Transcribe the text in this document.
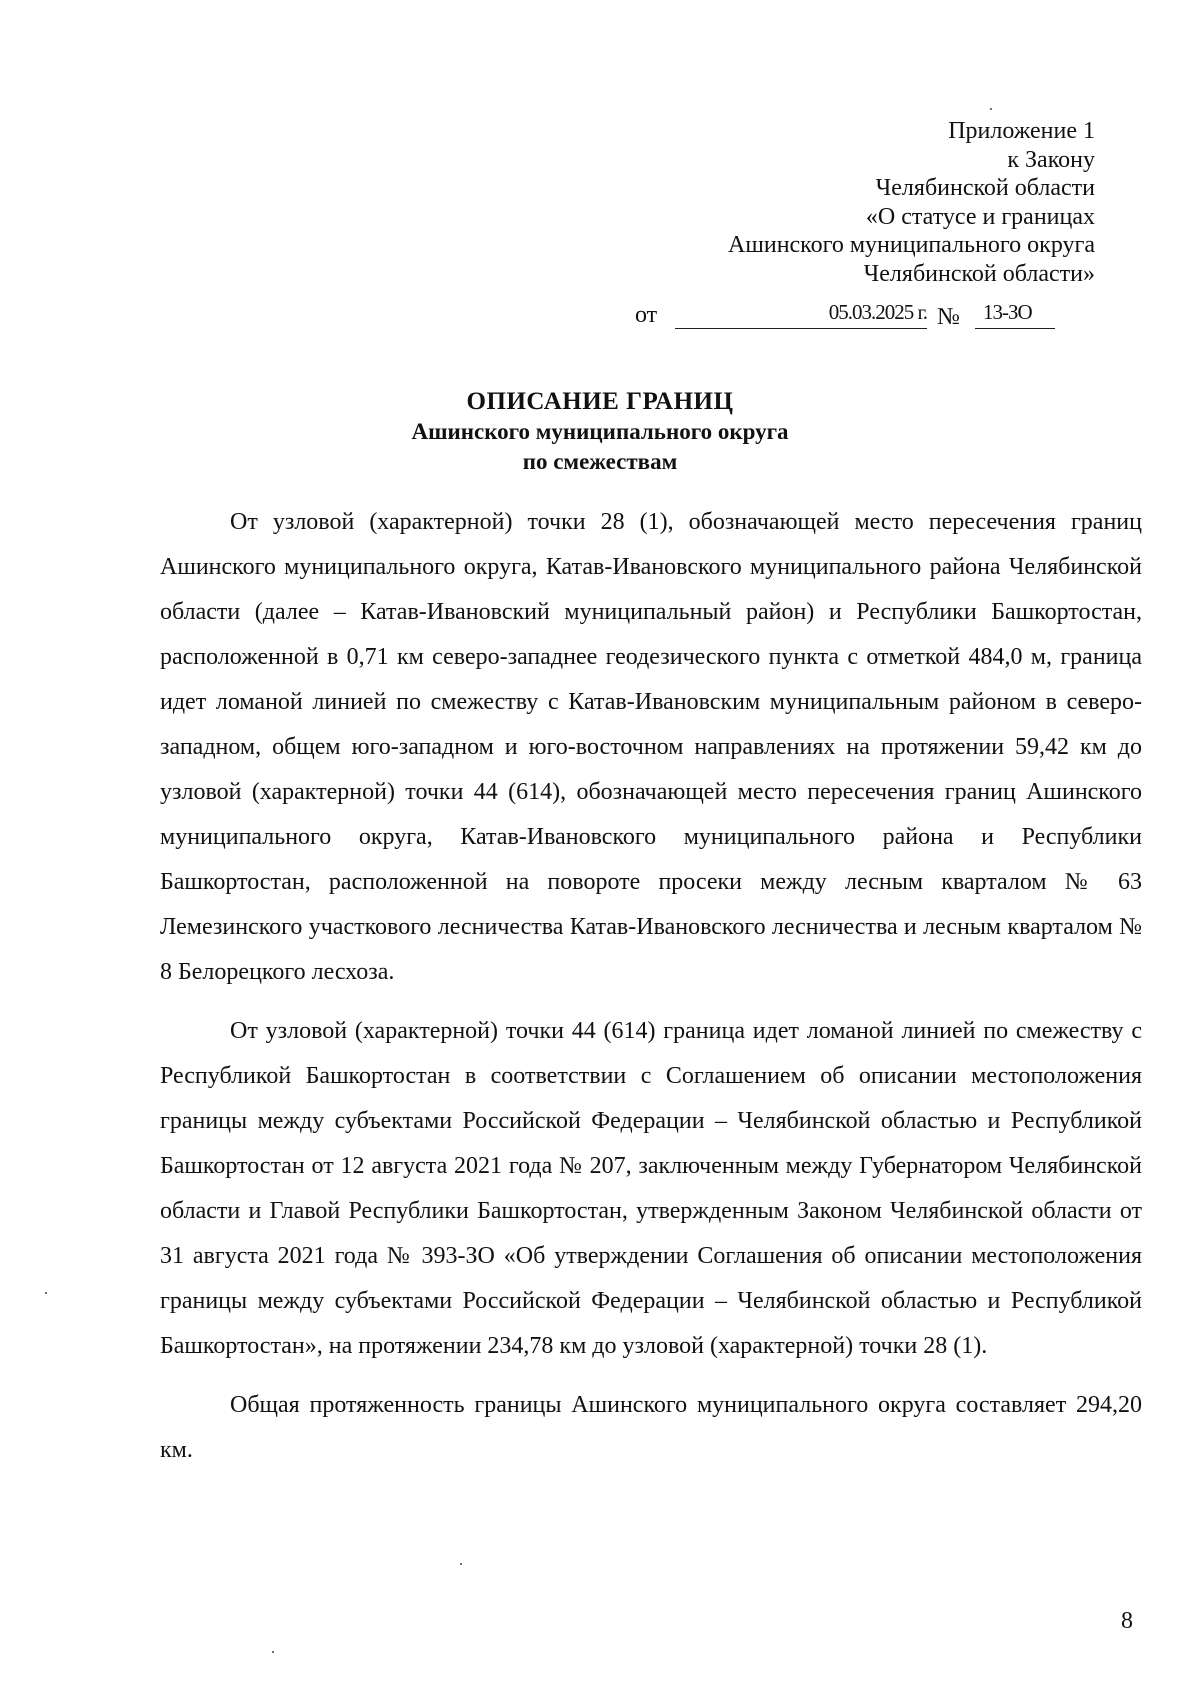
Приложение 1
к Закону
Челябинской области
«О статусе и границах
Ашинского муниципального округа
Челябинской области»
от	05.03.2025 г. № 13-ЗО
ОПИСАНИЕ ГРАНИЦ
Ашинского муниципального округа
по смежествам

От узловой (характерной) точки 28 (1), обозначающей место пересечения границ Ашинского муниципального округа, Катав-Ивановского муниципального района Челябинской области (далее – Катав-Ивановский муниципальный район) и Республики Башкортостан, расположенной в 0,71 км северо-западнее геодезического пункта с отметкой 484,0 м, граница идет ломаной линией по смежеству с Катав-Ивановским муниципальным районом в северо-западном, общем юго-западном и юго-восточном направлениях на протяжении 59,42 км до узловой (характерной) точки 44 (614), обозначающей место пересечения границ Ашинского муниципального округа, Катав-Ивановского муниципального района и Республики Башкортостан, расположенной на повороте просеки между лесным кварталом № 63 Лемезинского участкового лесничества Катав-Ивановского лесничества и лесным кварталом № 8 Белорецкого лесхоза.

От узловой (характерной) точки 44 (614) граница идет ломаной линией по смежеству с Республикой Башкортостан в соответствии с Соглашением об описании местоположения границы между субъектами Российской Федерации – Челябинской областью и Республикой Башкортостан от 12 августа 2021 года № 207, заключенным между Губернатором Челябинской области и Главой Республики Башкортостан, утвержденным Законом Челябинской области от 31 августа 2021 года № 393-ЗО «Об утверждении Соглашения об описании местоположения границы между субъектами Российской Федерации – Челябинской областью и Республикой Башкортостан», на протяжении 234,78 км до узловой (характерной) точки 28 (1).

Общая протяженность границы Ашинского муниципального округа составляет 294,20 км.

8
